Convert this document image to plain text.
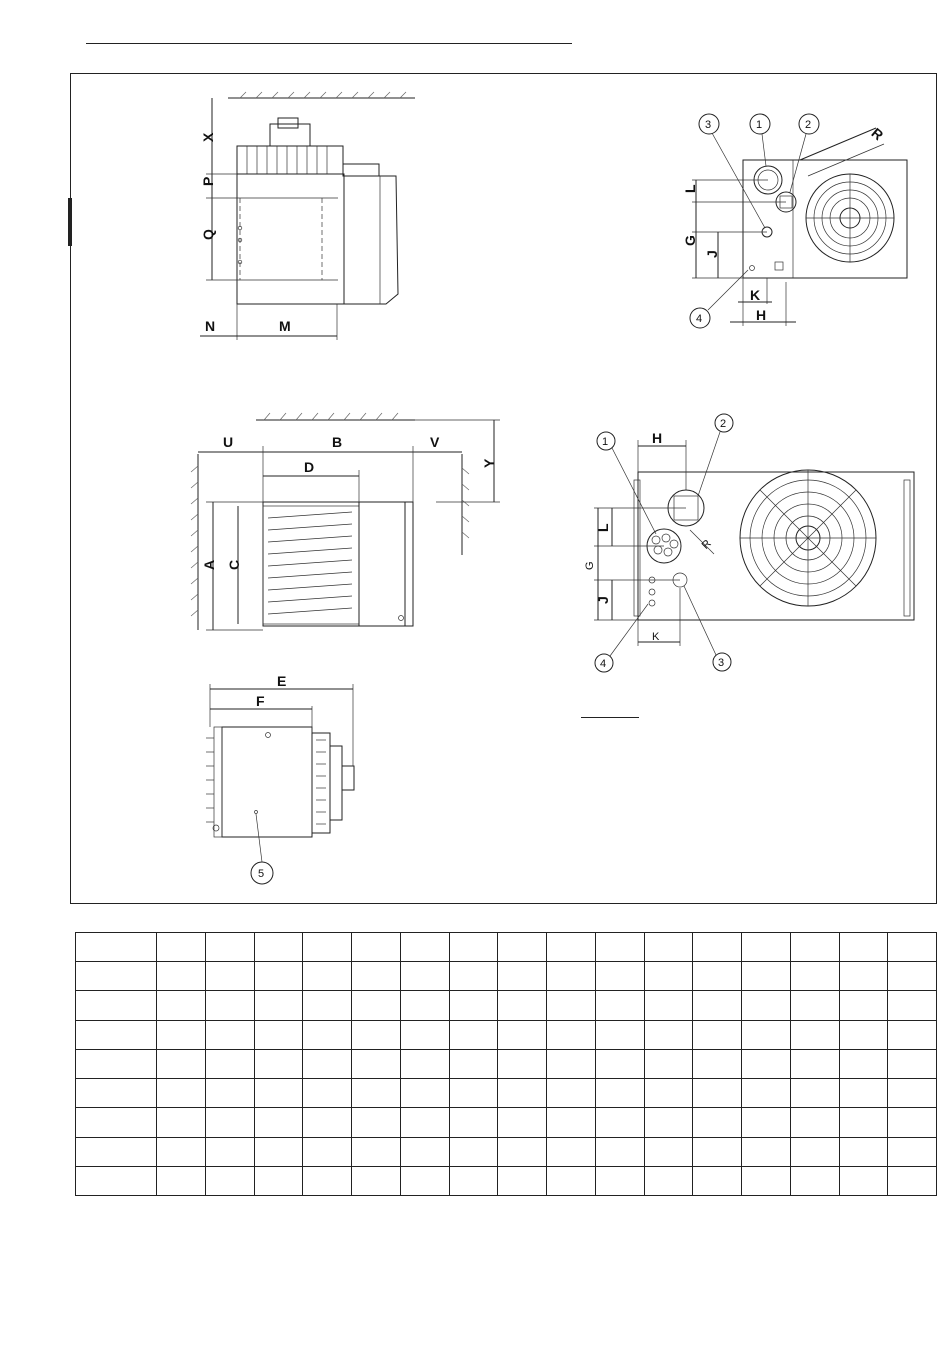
X
P
Q
N	M
3	1	2
4
L
G
J
K
H
R
U	B	V
D	Y
A C
1
2
4	3
H
L
G
J
K
R
5
E
F
